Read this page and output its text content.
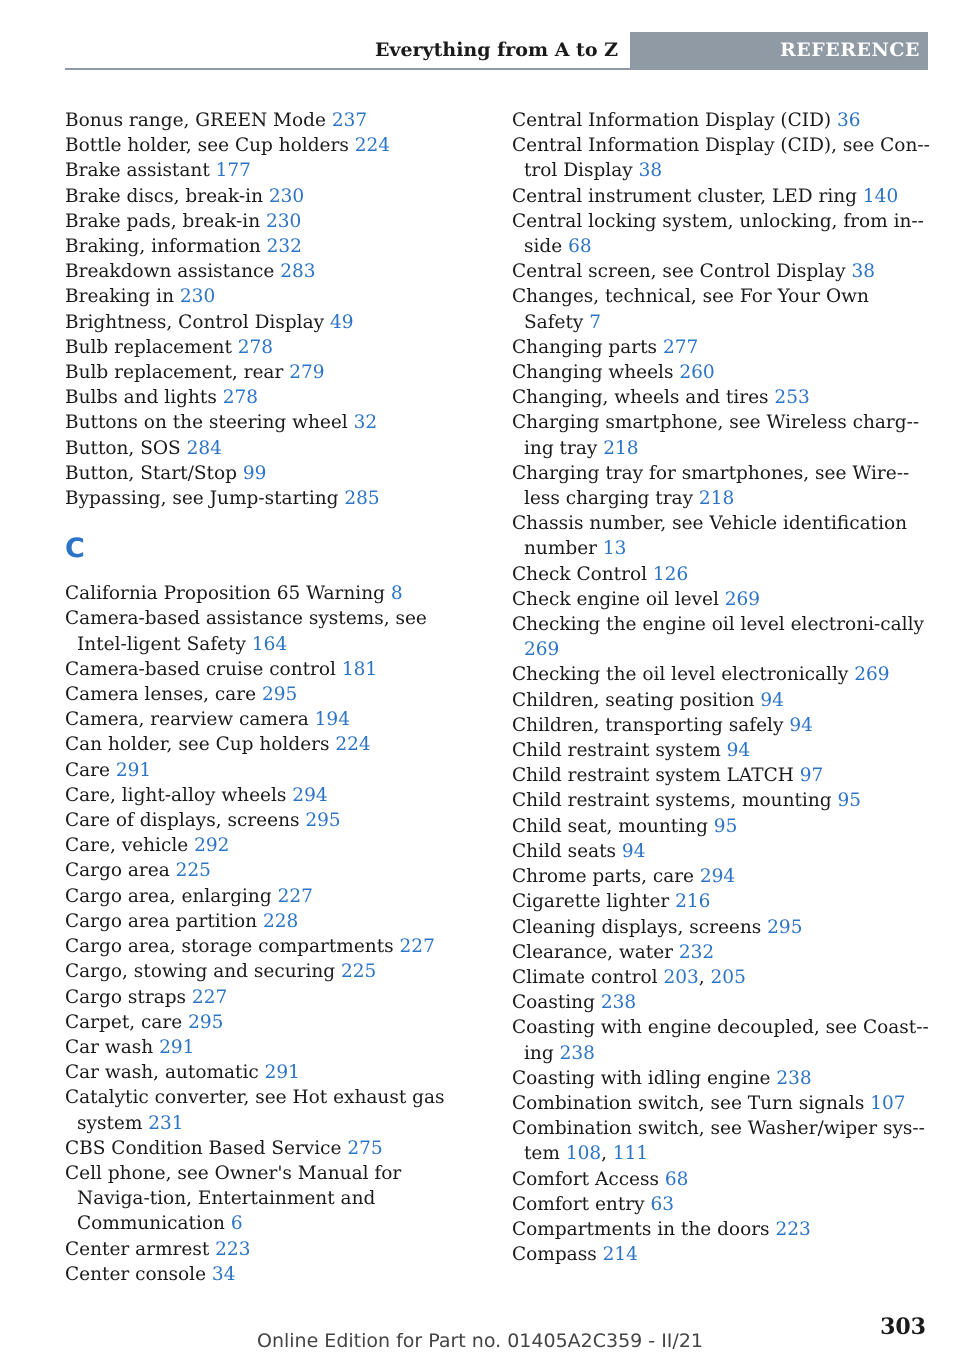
Everything from A to Z	REFERENCE
Bonus range, GREEN Mode 237
Bottle holder, see Cup holders 224
Brake assistant 177
Brake discs, break-in 230
Brake pads, break-in 230
Braking, information 232
Breakdown assistance 283
Breaking in 230
Brightness, Control Display 49
Bulb replacement 278
Bulb replacement, rear 279
Bulbs and lights 278
Buttons on the steering wheel 32
Button, SOS 284
Button, Start/Stop 99
Bypassing, see Jump-starting 285
C
California Proposition 65 Warning 8
Camera-based assistance systems, see Intel-ligent Safety 164
Camera-based cruise control 181
Camera lenses, care 295
Camera, rearview camera 194
Can holder, see Cup holders 224
Care 291
Care, light-alloy wheels 294
Care of displays, screens 295
Care, vehicle 292
Cargo area 225
Cargo area, enlarging 227
Cargo area partition 228
Cargo area, storage compartments 227
Cargo, stowing and securing 225
Cargo straps 227
Carpet, care 295
Car wash 291
Car wash, automatic 291
Catalytic converter, see Hot exhaust gas system 231
CBS Condition Based Service 275
Cell phone, see Owner's Manual for Naviga-tion, Entertainment and Communication 6
Center armrest 223
Center console 34
Central Information Display (CID) 36
Central Information Display (CID), see Con-trol Display 38
Central instrument cluster, LED ring 140
Central locking system, unlocking, from in-side 68
Central screen, see Control Display 38
Changes, technical, see For Your Own Safety 7
Changing parts 277
Changing wheels 260
Changing, wheels and tires 253
Charging smartphone, see Wireless charg-ing tray 218
Charging tray for smartphones, see Wire-less charging tray 218
Chassis number, see Vehicle identification number 13
Check Control 126
Check engine oil level 269
Checking the engine oil level electroni-cally 269
Checking the oil level electronically 269
Children, seating position 94
Children, transporting safely 94
Child restraint system 94
Child restraint system LATCH 97
Child restraint systems, mounting 95
Child seat, mounting 95
Child seats 94
Chrome parts, care 294
Cigarette lighter 216
Cleaning displays, screens 295
Clearance, water 232
Climate control 203, 205
Coasting 238
Coasting with engine decoupled, see Coast-ing 238
Coasting with idling engine 238
Combination switch, see Turn signals 107
Combination switch, see Washer/wiper sys-tem 108, 111
Comfort Access 68
Comfort entry 63
Compartments in the doors 223
Compass 214
303
Online Edition for Part no. 01405A2C359 - II/21
